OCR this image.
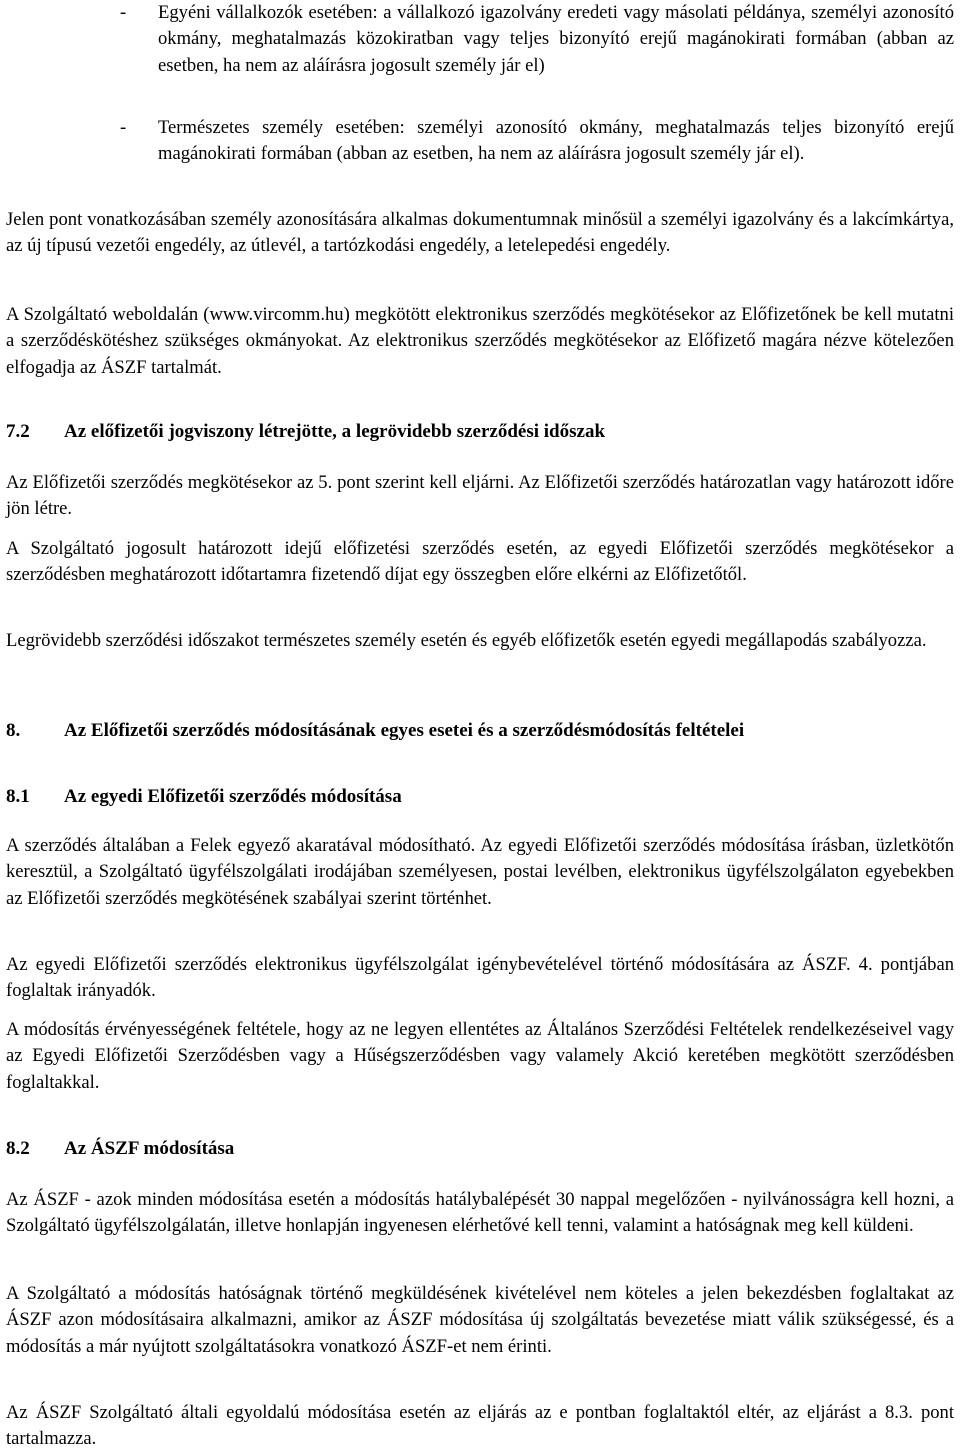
- Egyéni vállalkozók esetében: a vállalkozó igazolvány eredeti vagy másolati példánya, személyi azonosító okmány, meghatalmazás közokiratban vagy teljes bizonyító erejű magánokirati formában (abban az esetben, ha nem az aláírásra jogosult személy jár el)

- Természetes személy esetében: személyi azonosító okmány, meghatalmazás teljes bizonyító erejű magánokirati formában (abban az esetben, ha nem az aláírásra jogosult személy jár el).

Jelen pont vonatkozásában személy azonosítására alkalmas dokumentumnak minősül a személyi igazolvány és a lakcímkártya, az új típusú vezetői engedély, az útlevél, a tartózkodási engedély, a letelepedési engedély.

A Szolgáltató weboldalán (www.vircomm.hu) megkötött elektronikus szerződés megkötésekor az Előfizetőnek be kell mutatni a szerződéskötéshez szükséges okmányokat. Az elektronikus szerződés megkötésekor az Előfizető magára nézve kötelezően elfogadja az ÁSZF tartalmát.

7.2 Az előfizetői jogviszony létrejötte, a legrövidebb szerződési időszak

Az Előfizetői szerződés megkötésekor az 5. pont szerint kell eljárni. Az Előfizetői szerződés határozatlan vagy határozott időre jön létre.

A Szolgáltató jogosult határozott idejű előfizetési szerződés esetén, az egyedi Előfizetői szerződés megkötésekor a szerződésben meghatározott időtartamra fizetendő díjat egy összegben előre elkérni az Előfizetőtől.

Legrövidebb szerződési időszakot természetes személy esetén és egyéb előfizetők esetén egyedi megállapodás szabályozza.

8. Az Előfizetői szerződés módosításának egyes esetei és a szerződésmódosítás feltételei
8.1 Az egyedi Előfizetői szerződés módosítása

A szerződés általában a Felek egyező akaratával módosítható. Az egyedi Előfizetői szerződés módosítása írásban, üzletkötőn keresztül, a Szolgáltató ügyfélszolgálati irodájában személyesen, postai levélben, elektronikus ügyfélszolgálaton egyebekben az Előfizetői szerződés megkötésének szabályai szerint történhet.

Az egyedi Előfizetői szerződés elektronikus ügyfélszolgálat igénybevételével történő módosítására az ÁSZF. 4. pontjában foglaltak irányadók.

A módosítás érvényességének feltétele, hogy az ne legyen ellentétes az Általános Szerződési Feltételek rendelkezéseivel vagy az Egyedi Előfizetői Szerződésben vagy a Hűségszerződésben vagy valamely Akció keretében megkötött szerződésben foglaltakkal.

8.2 Az ÁSZF módosítása

Az ÁSZF - azok minden módosítása esetén a módosítás hatálybalépését 30 nappal megelőzően - nyilvánosságra kell hozni, a Szolgáltató ügyfélszolgálatán, illetve honlapján ingyenesen elérhetővé kell tenni, valamint a hatóságnak meg kell küldeni.

A Szolgáltató a módosítás hatóságnak történő megküldésének kivételével nem köteles a jelen bekezdésben foglaltakat az ÁSZF azon módosításaira alkalmazni, amikor az ÁSZF módosítása új szolgáltatás bevezetése miatt válik szükségessé, és a módosítás a már nyújtott szolgáltatásokra vonatkozó ÁSZF-et nem érinti.

Az ÁSZF Szolgáltató általi egyoldalú módosítása esetén az eljárás az e pontban foglaltaktól eltér, az eljárást a 8.3. pont tartalmazza.
